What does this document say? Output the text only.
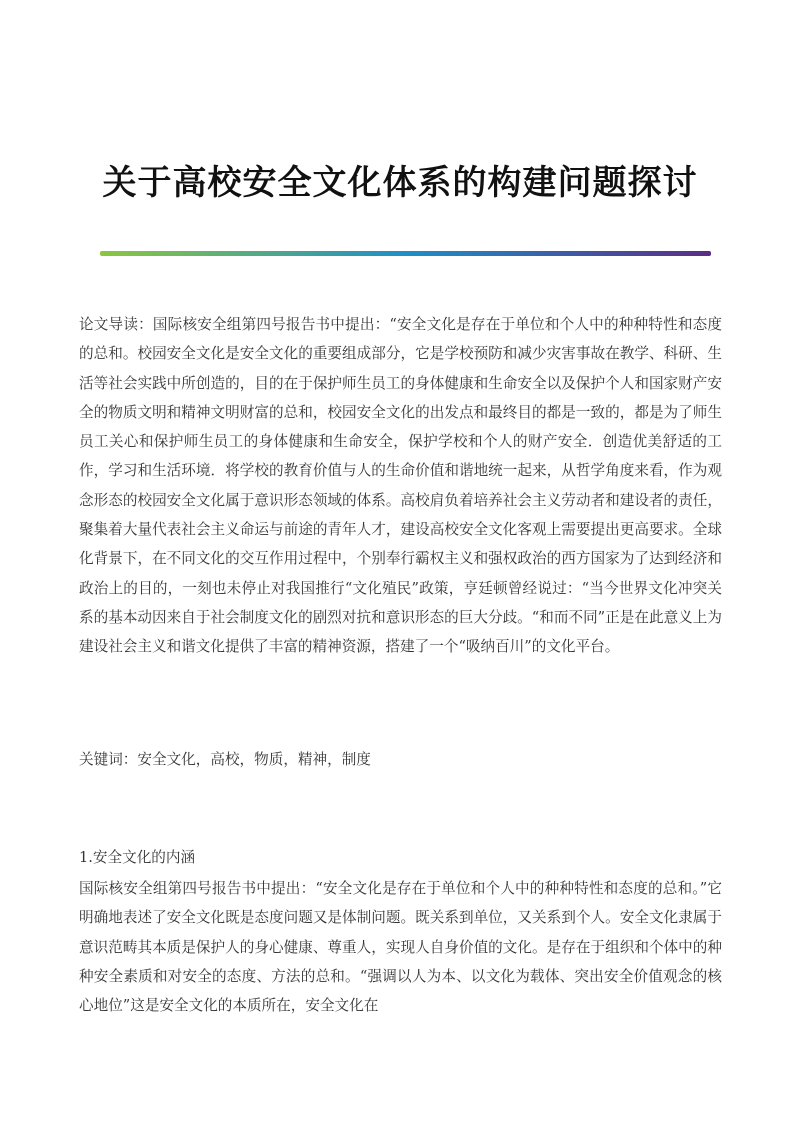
关于高校安全文化体系的构建问题探讨

论文导读：国际核安全组第四号报告书中提出：“安全文化是存在于单位和个人中的种种特性和态度的总和。校园安全文化是安全文化的重要组成部分，它是学校预防和减少灾害事故在教学、科研、生活等社会实践中所创造的，目的在于保护师生员工的身体健康和生命安全以及保护个人和国家财产安全的物质文明和精神文明财富的总和，校园安全文化的出发点和最终目的都是一致的，都是为了师生员工关心和保护师生员工的身体健康和生命安全，保护学校和个人的财产安全．创造优美舒适的工作，学习和生活环境．将学校的教育价值与人的生命价值和谐地统一起来，从哲学角度来看，作为观念形态的校园安全文化属于意识形态领域的体系。高校肩负着培养社会主义劳动者和建设者的责任，聚集着大量代表社会主义命运与前途的青年人才，建设高校安全文化客观上需要提出更高要求。全球化背景下，在不同文化的交互作用过程中，个别奉行霸权主义和强权政治的西方国家为了达到经济和政治上的目的，一刻也未停止对我国推行“文化殖民”政策，亨廷顿曾经说过：“当今世界文化冲突关系的基本动因来自于社会制度文化的剧烈对抗和意识形态的巨大分歧。“和而不同”正是在此意义上为建设社会主义和谐文化提供了丰富的精神资源，搭建了一个“吸纳百川”的文化平台。

关键词：安全文化，高校，物质，精神，制度

1.安全文化的内涵

国际核安全组第四号报告书中提出：“安全文化是存在于单位和个人中的种种特性和态度的总和。”它明确地表述了安全文化既是态度问题又是体制问题。既关系到单位，又关系到个人。安全文化隶属于意识范畴其本质是保护人的身心健康、尊重人，实现人自身价值的文化。是存在于组织和个体中的种种安全素质和对安全的态度、方法的总和。“强调以人为本、以文化为载体、突出安全价值观念的核心地位”这是安全文化的本质所在，安全文化在
